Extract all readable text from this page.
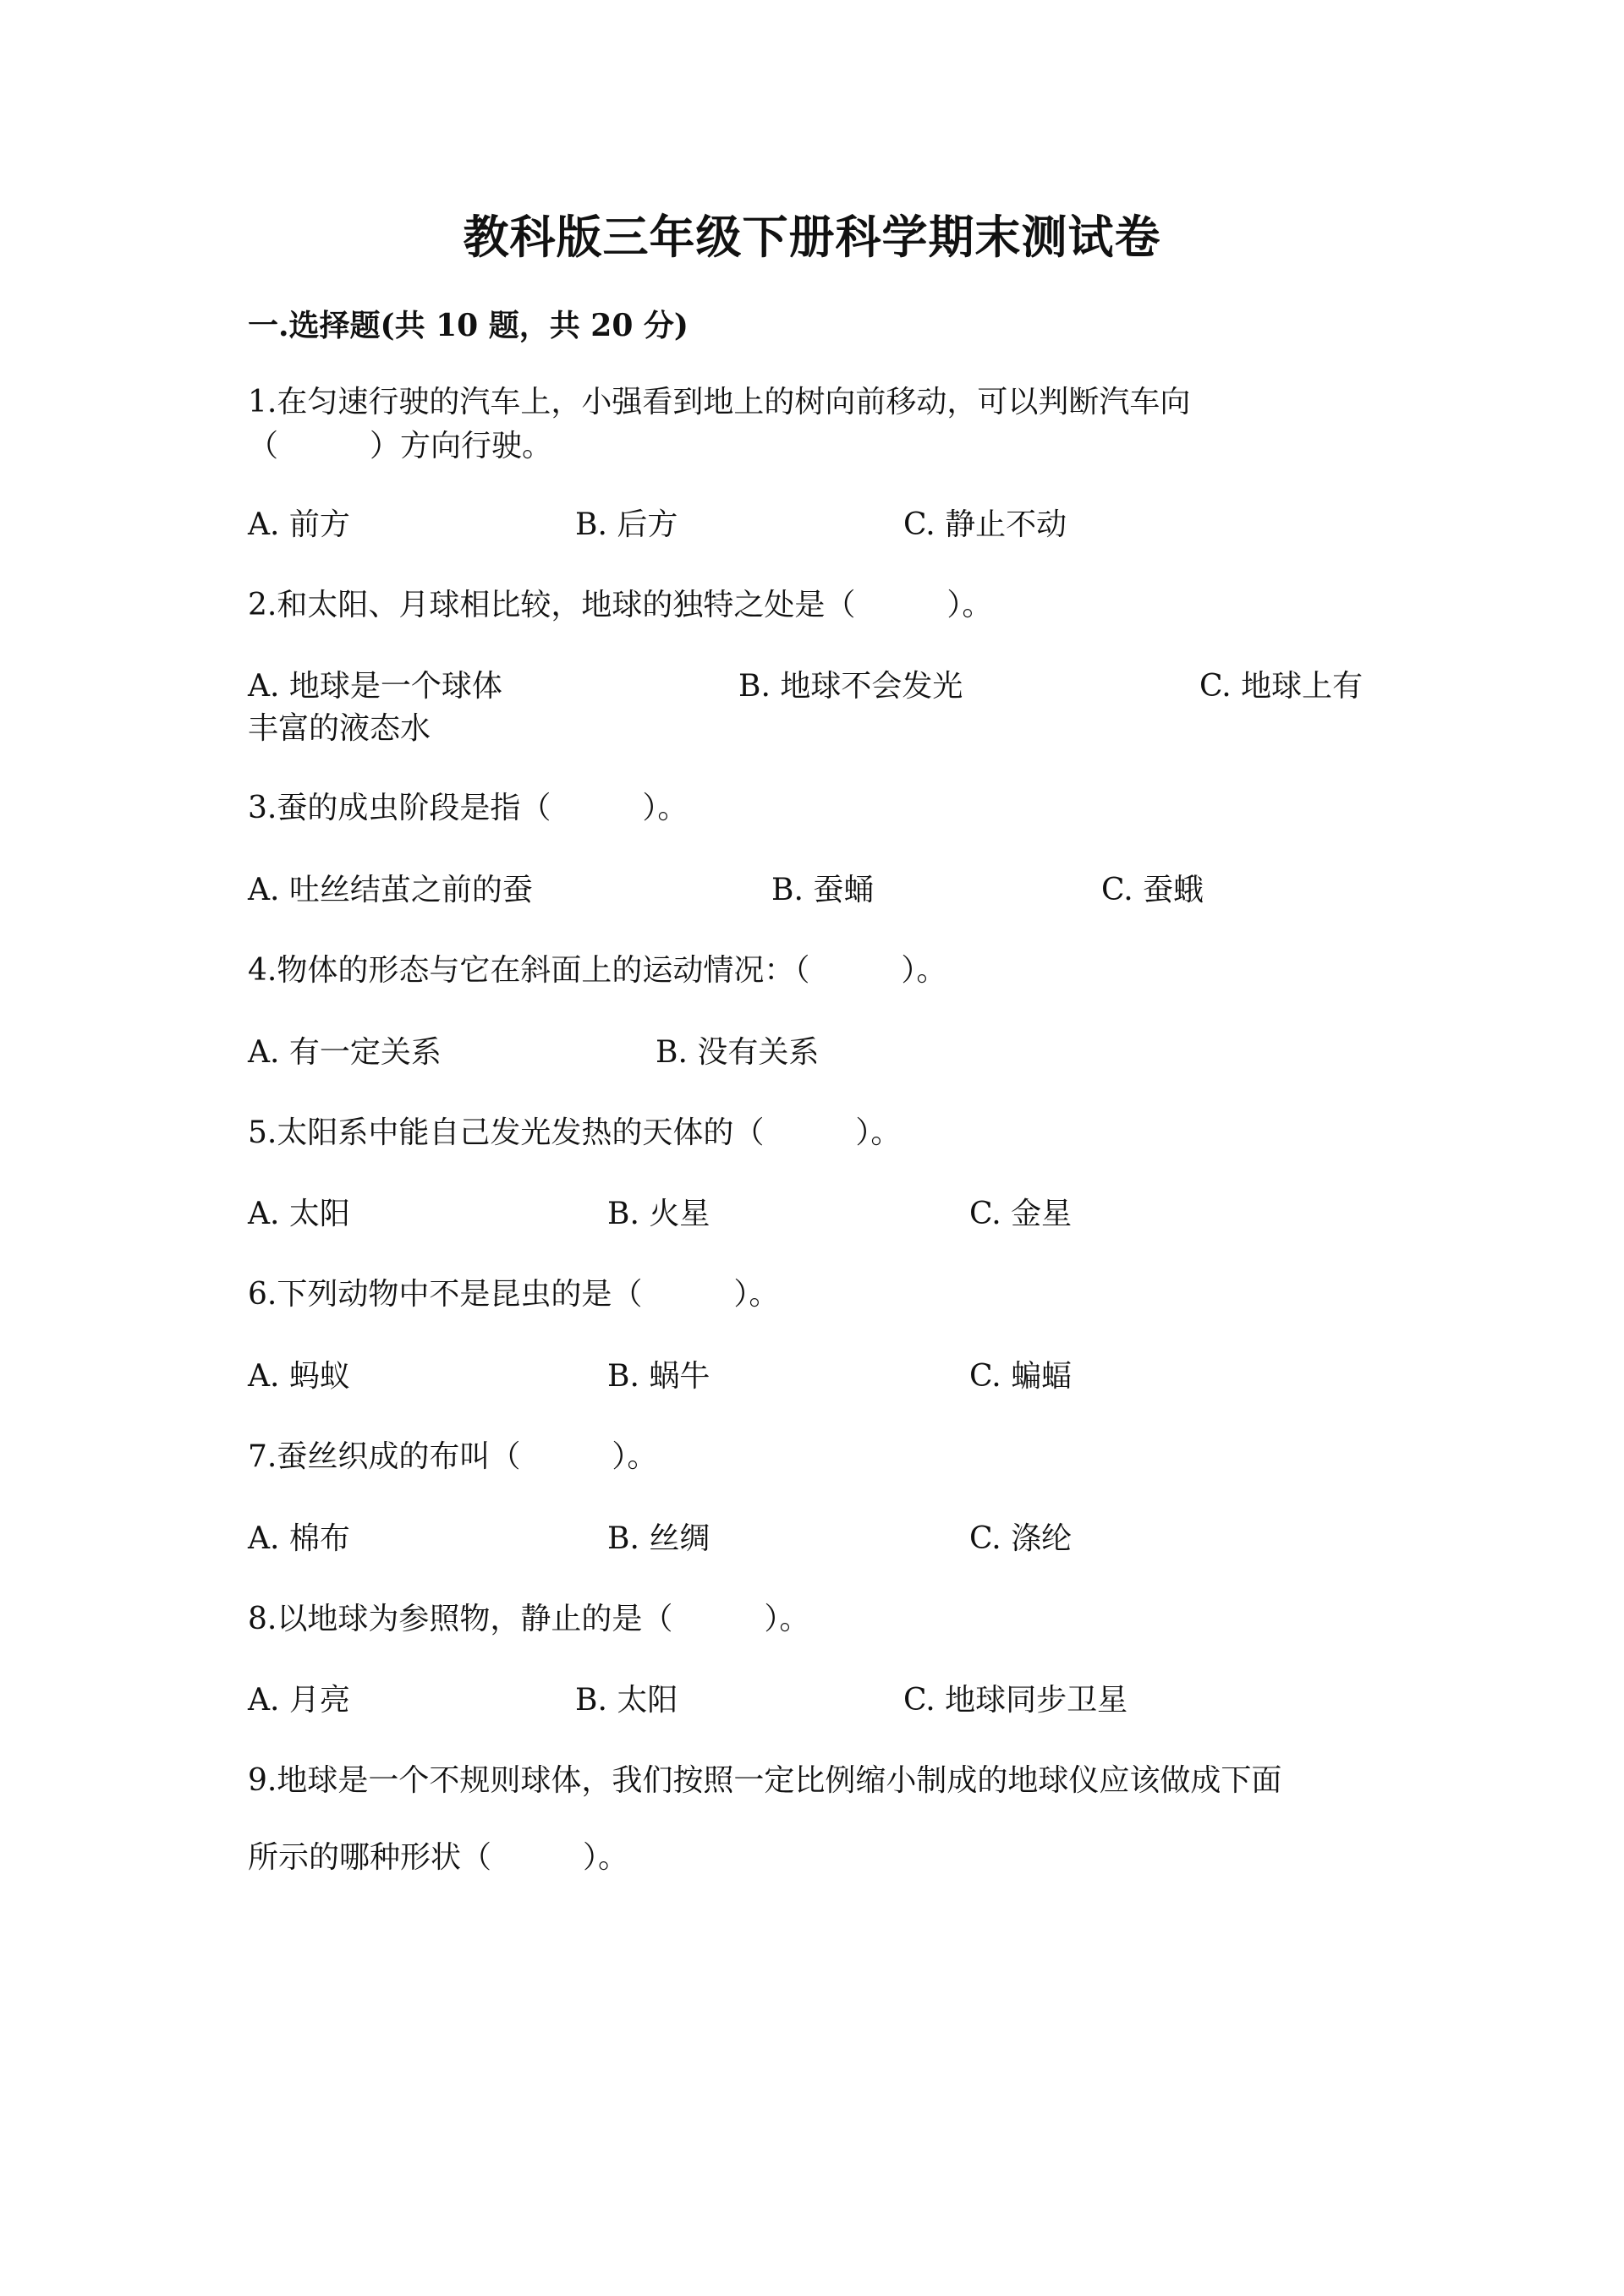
教科版三年级下册科学期末测试卷
一.选择题(共 10 题，共 20 分)
1.在匀速行驶的汽车上，小强看到地上的树向前移动，可以判断汽车向
（　　　）方向行驶。
A. 前方	B. 后方	C. 静止不动
2.和太阳、月球相比较，地球的独特之处是（　　　）。
A. 地球是一个球体	B. 地球不会发光	C. 地球上有
丰富的液态水
3.蚕的成虫阶段是指（　　　）。
A. 吐丝结茧之前的蚕	B. 蚕蛹	C. 蚕蛾
4.物体的形态与它在斜面上的运动情况：（　　　）。
A. 有一定关系	B. 没有关系
5.太阳系中能自己发光发热的天体的（　　　）。
A. 太阳	B. 火星	C. 金星
6.下列动物中不是昆虫的是（　　　）。
A. 蚂蚁	B. 蜗牛	C. 蝙蝠
7.蚕丝织成的布叫（　　　）。
A. 棉布	B. 丝绸	C. 涤纶
8.以地球为参照物，静止的是（　　　）。
A. 月亮	B. 太阳	C. 地球同步卫星
9.地球是一个不规则球体，我们按照一定比例缩小制成的地球仪应该做成下面
所示的哪种形状（　　　）。
